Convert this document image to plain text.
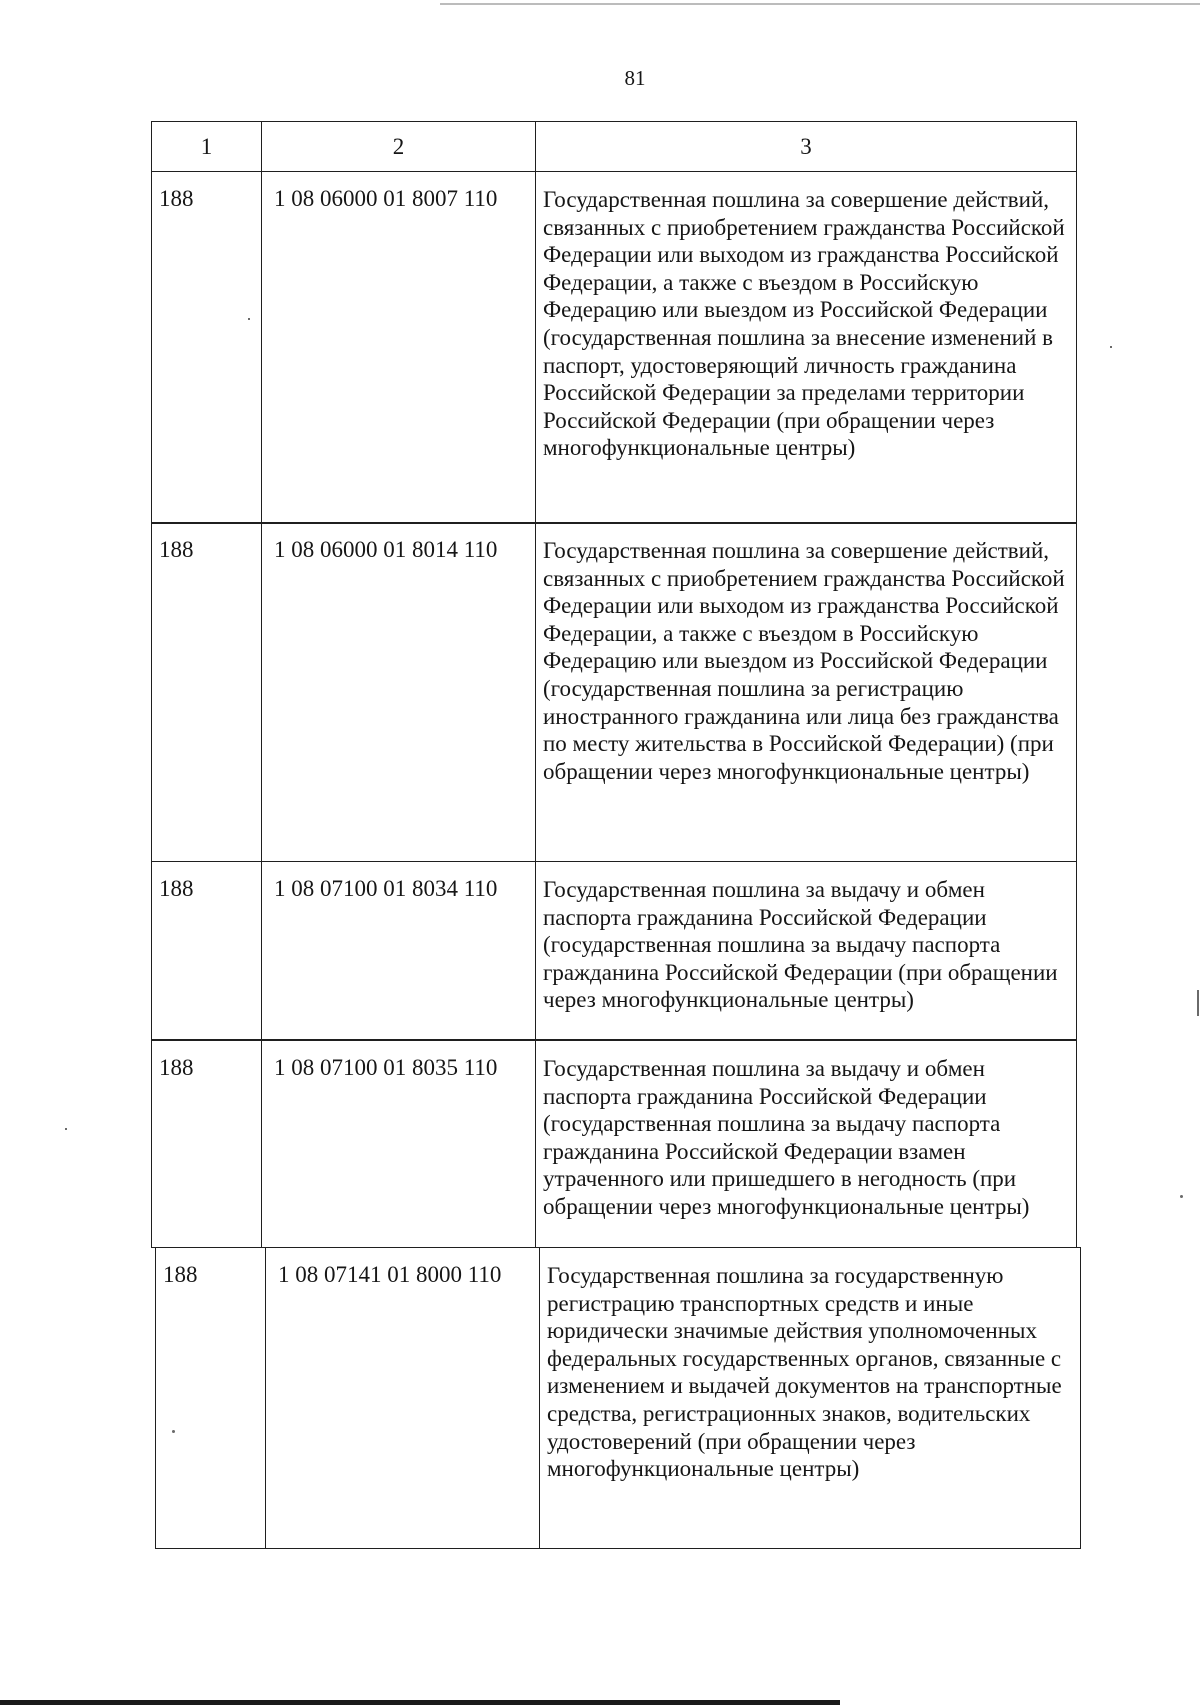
81
1	2	3
188	1 08 06000 01 8007 110	Государственная пошлина за совершение действий, связанных с приобретением гражданства Российской Федерации или выходом из гражданства Российской Федерации, а также с въездом в Российскую Федерацию или выездом из Российской Федерации (государственная пошлина за внесение изменений в паспорт, удостоверяющий личность гражданина Российской Федерации за пределами территории Российской Федерации (при обращении через многофункциональные центры)
188	1 08 06000 01 8014 110	Государственная пошлина за совершение действий, связанных с приобретением гражданства Российской Федерации или выходом из гражданства Российской Федерации, а также с въездом в Российскую Федерацию или выездом из Российской Федерации (государственная пошлина за регистрацию иностранного гражданина или лица без гражданства по месту жительства в Российской Федерации) (при обращении через многофункциональные центры)
188	1 08 07100 01 8034 110	Государственная пошлина за выдачу и обмен паспорта гражданина Российской Федерации (государственная пошлина за выдачу паспорта гражданина Российской Федерации (при обращении через многофункциональные центры)
188	1 08 07100 01 8035 110	Государственная пошлина за выдачу и обмен паспорта гражданина Российской Федерации (государственная пошлина за выдачу паспорта гражданина Российской Федерации взамен утраченного или пришедшего в негодность (при обращении через многофункциональные центры)
188	1 08 07141 01 8000 110	Государственная пошлина за государственную регистрацию транспортных средств и иные юридически значимые действия уполномоченных федеральных государственных органов, связанные с изменением и выдачей документов на транспортные средства, регистрационных знаков, водительских удостоверений (при обращении через многофункциональные центры)
